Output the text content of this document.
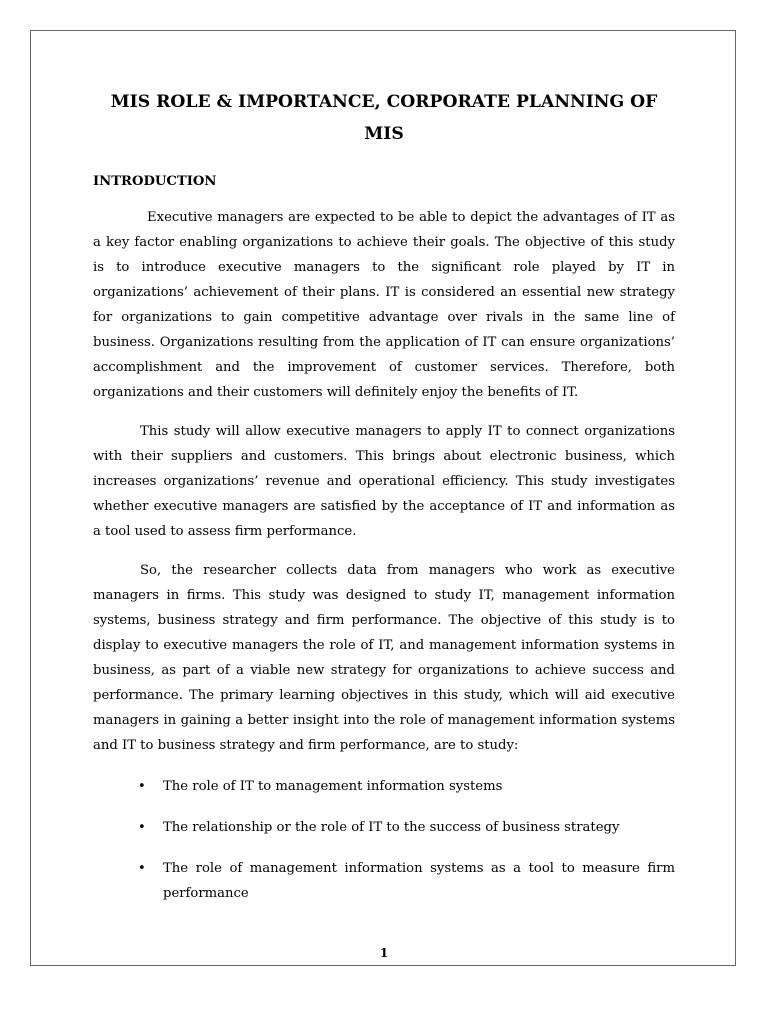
MIS ROLE & IMPORTANCE, CORPORATE PLANNING OF MIS
INTRODUCTION

Executive managers are expected to be able to depict the advantages of IT as a key factor enabling organizations to achieve their goals. The objective of this study is to introduce executive managers to the significant role played by IT in organizations’ achievement of their plans. IT is considered an essential new strategy for organizations to gain competitive advantage over rivals in the same line of business. Organizations resulting from the application of IT can ensure organizations’ accomplishment and the improvement of customer services. Therefore, both organizations and their customers will definitely enjoy the benefits of IT.

This study will allow executive managers to apply IT to connect organizations with their suppliers and customers. This brings about electronic business, which increases organizations’ revenue and operational efficiency. This study investigates whether executive managers are satisfied by the acceptance of IT and information as a tool used to assess firm performance.

So, the researcher collects data from managers who work as executive managers in firms. This study was designed to study IT, management information systems, business strategy and firm performance. The objective of this study is to display to executive managers the role of IT, and management information systems in business, as part of a viable new strategy for organizations to achieve success and performance. The primary learning objectives in this study, which will aid executive managers in gaining a better insight into the role of management information systems and IT to business strategy and firm performance, are to study:

• The role of IT to management information systems
• The relationship or the role of IT to the success of business strategy
• The role of management information systems as a tool to measure firm performance
1
